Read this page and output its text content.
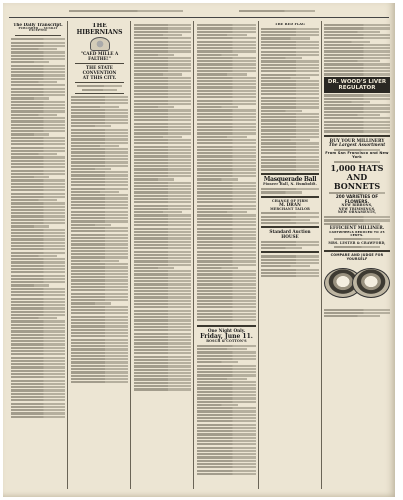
The Daily Transcript.
PUBLISHED ... SUNDAY EXCEPTED
THE HIBERNIANS
"CAED MILLE A FALTHE!"
THE STATE CONVENTION
AT THIS CITY.
THE RED FLAG
Masquerade Ball
Pioneer Hall, N. Humboldt.
CHANGE OF FIRM
M. DRAN
MERCHANT TAILOR
Standard Auction
HOUSE
One Night Only.
Friday, June 11.
BOSCH & COTTON'S
DR. WOOD'S LIVER REGULATOR
BUY YOUR MILLINERY
The Largest Assortment
From San Francisco and New York
1,000 HATS AND BONNETS
200 VARIETIES OF FLOWERS.
NEW RIBBONS,
NEW TRIMMINGS,
NEW ORNAMENTS,
EFFICIENT MILLINER.
CARTWHEELS REDUCED TO 25 CENTS.
MRS. LESTER & CRAWFORD,
COMPARE AND JUDGE FOR YOURSELF
